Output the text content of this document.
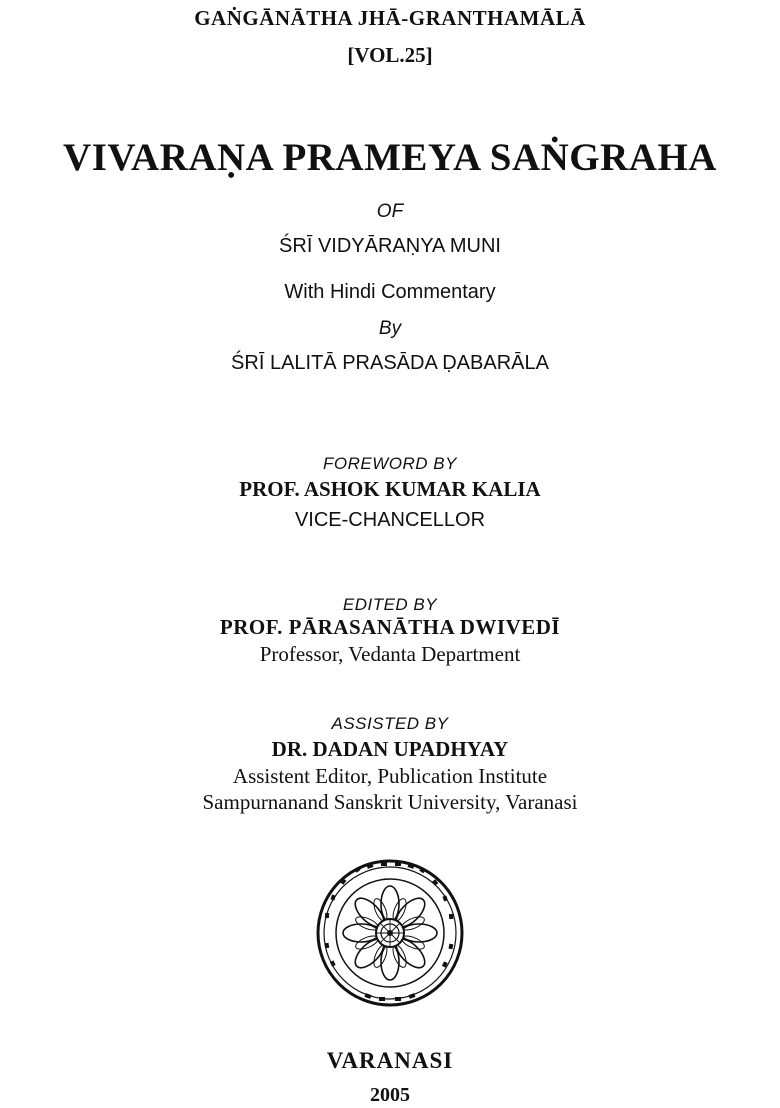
GAṄGĀNĀTHA JHĀ-GRANTHAMĀLĀ
[VOL.25]
VIVARAṆA PRAMEYA SAṄGRAHA
OF
ŚRĪ VIDYĀRAṆYA MUNI
With Hindi Commentary
By
ŚRĪ LALITĀ PRASĀDA ḌABARĀLA
FOREWORD BY
PROF. ASHOK KUMAR KALIA
VICE-CHANCELLOR
EDITED BY
PROF. PĀRASANĀTHA DWIVEDĪ
Professor, Vedanta Department
ASSISTED BY
DR. DADAN UPADHYAY
Assistent Editor, Publication Institute
Sampurnanand Sanskrit University, Varanasi
VARANASI
2005
